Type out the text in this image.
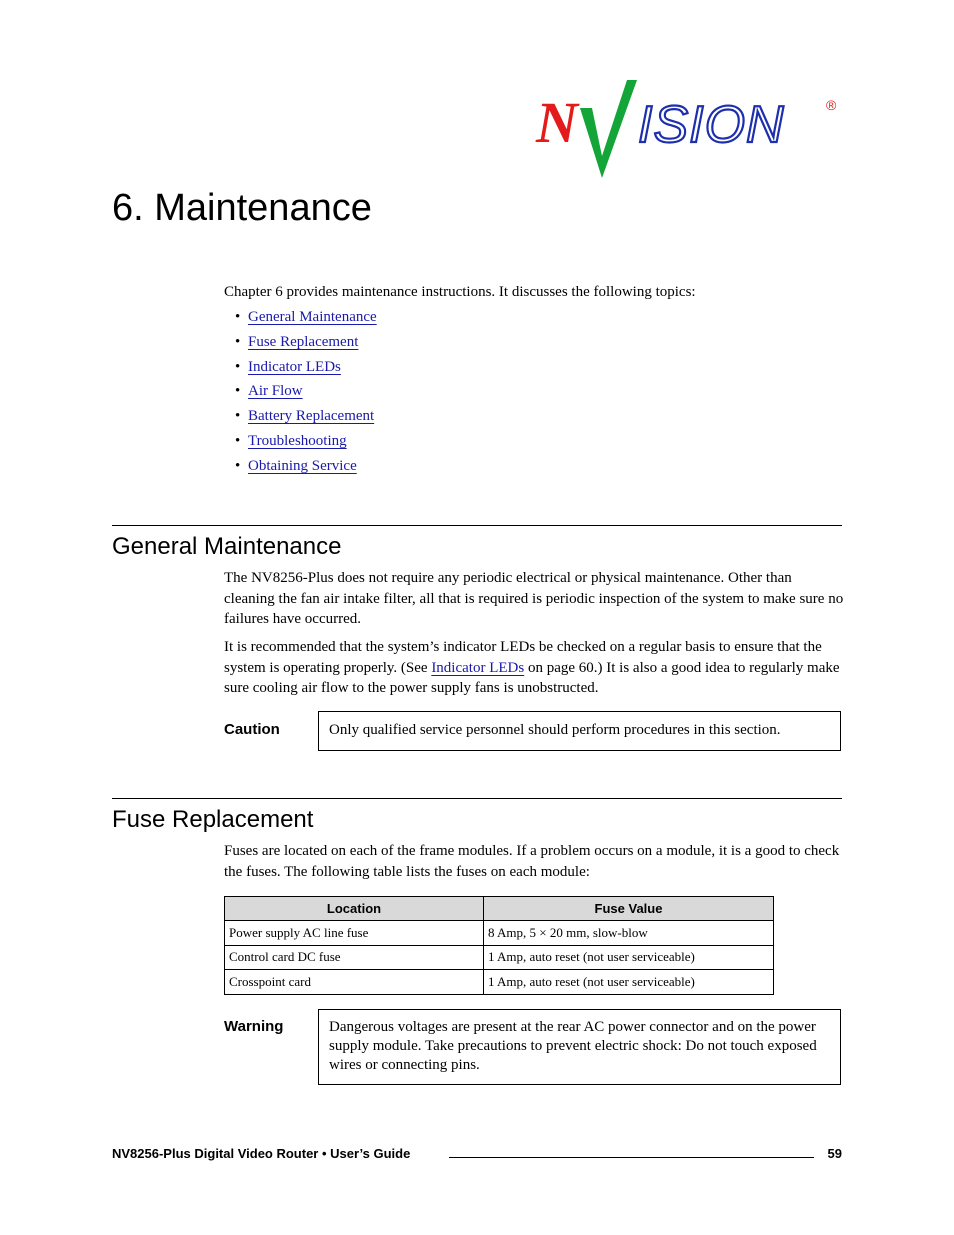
N ISION	®
6. Maintenance

Chapter 6 provides maintenance instructions. It discusses the following topics:

• General Maintenance
• Fuse Replacement
• Indicator LEDs
• Air Flow
• Battery Replacement
• Troubleshooting
• Obtaining Service
General Maintenance

The NV8256-Plus does not require any periodic electrical or physical maintenance. Other than cleaning the fan air intake filter, all that is required is periodic inspection of the system to make sure no failures have occurred.

It is recommended that the system’s indicator LEDs be checked on a regular basis to ensure that the system is operating properly. (See Indicator LEDs on page 60.) It is also a good idea to regularly make sure cooling air flow to the power supply fans is unobstructed.

Caution	Only qualified service personnel should perform procedures in this section.
Fuse Replacement

Fuses are located on each of the frame modules. If a problem occurs on a module, it is a good to check the fuses. The following table lists the fuses on each module:

Location	Fuse Value
Power supply AC line fuse	8 Amp, 5 × 20 mm, slow-blow
Control card DC fuse	1 Amp, auto reset (not user serviceable)
Crosspoint card	1 Amp, auto reset (not user serviceable)
Warning	Dangerous voltages are present at the rear AC power connector and on the power supply module. Take precautions to prevent electric shock: Do not touch exposed wires or connecting pins.
NV8256-Plus Digital Video Router • User’s Guide	59
